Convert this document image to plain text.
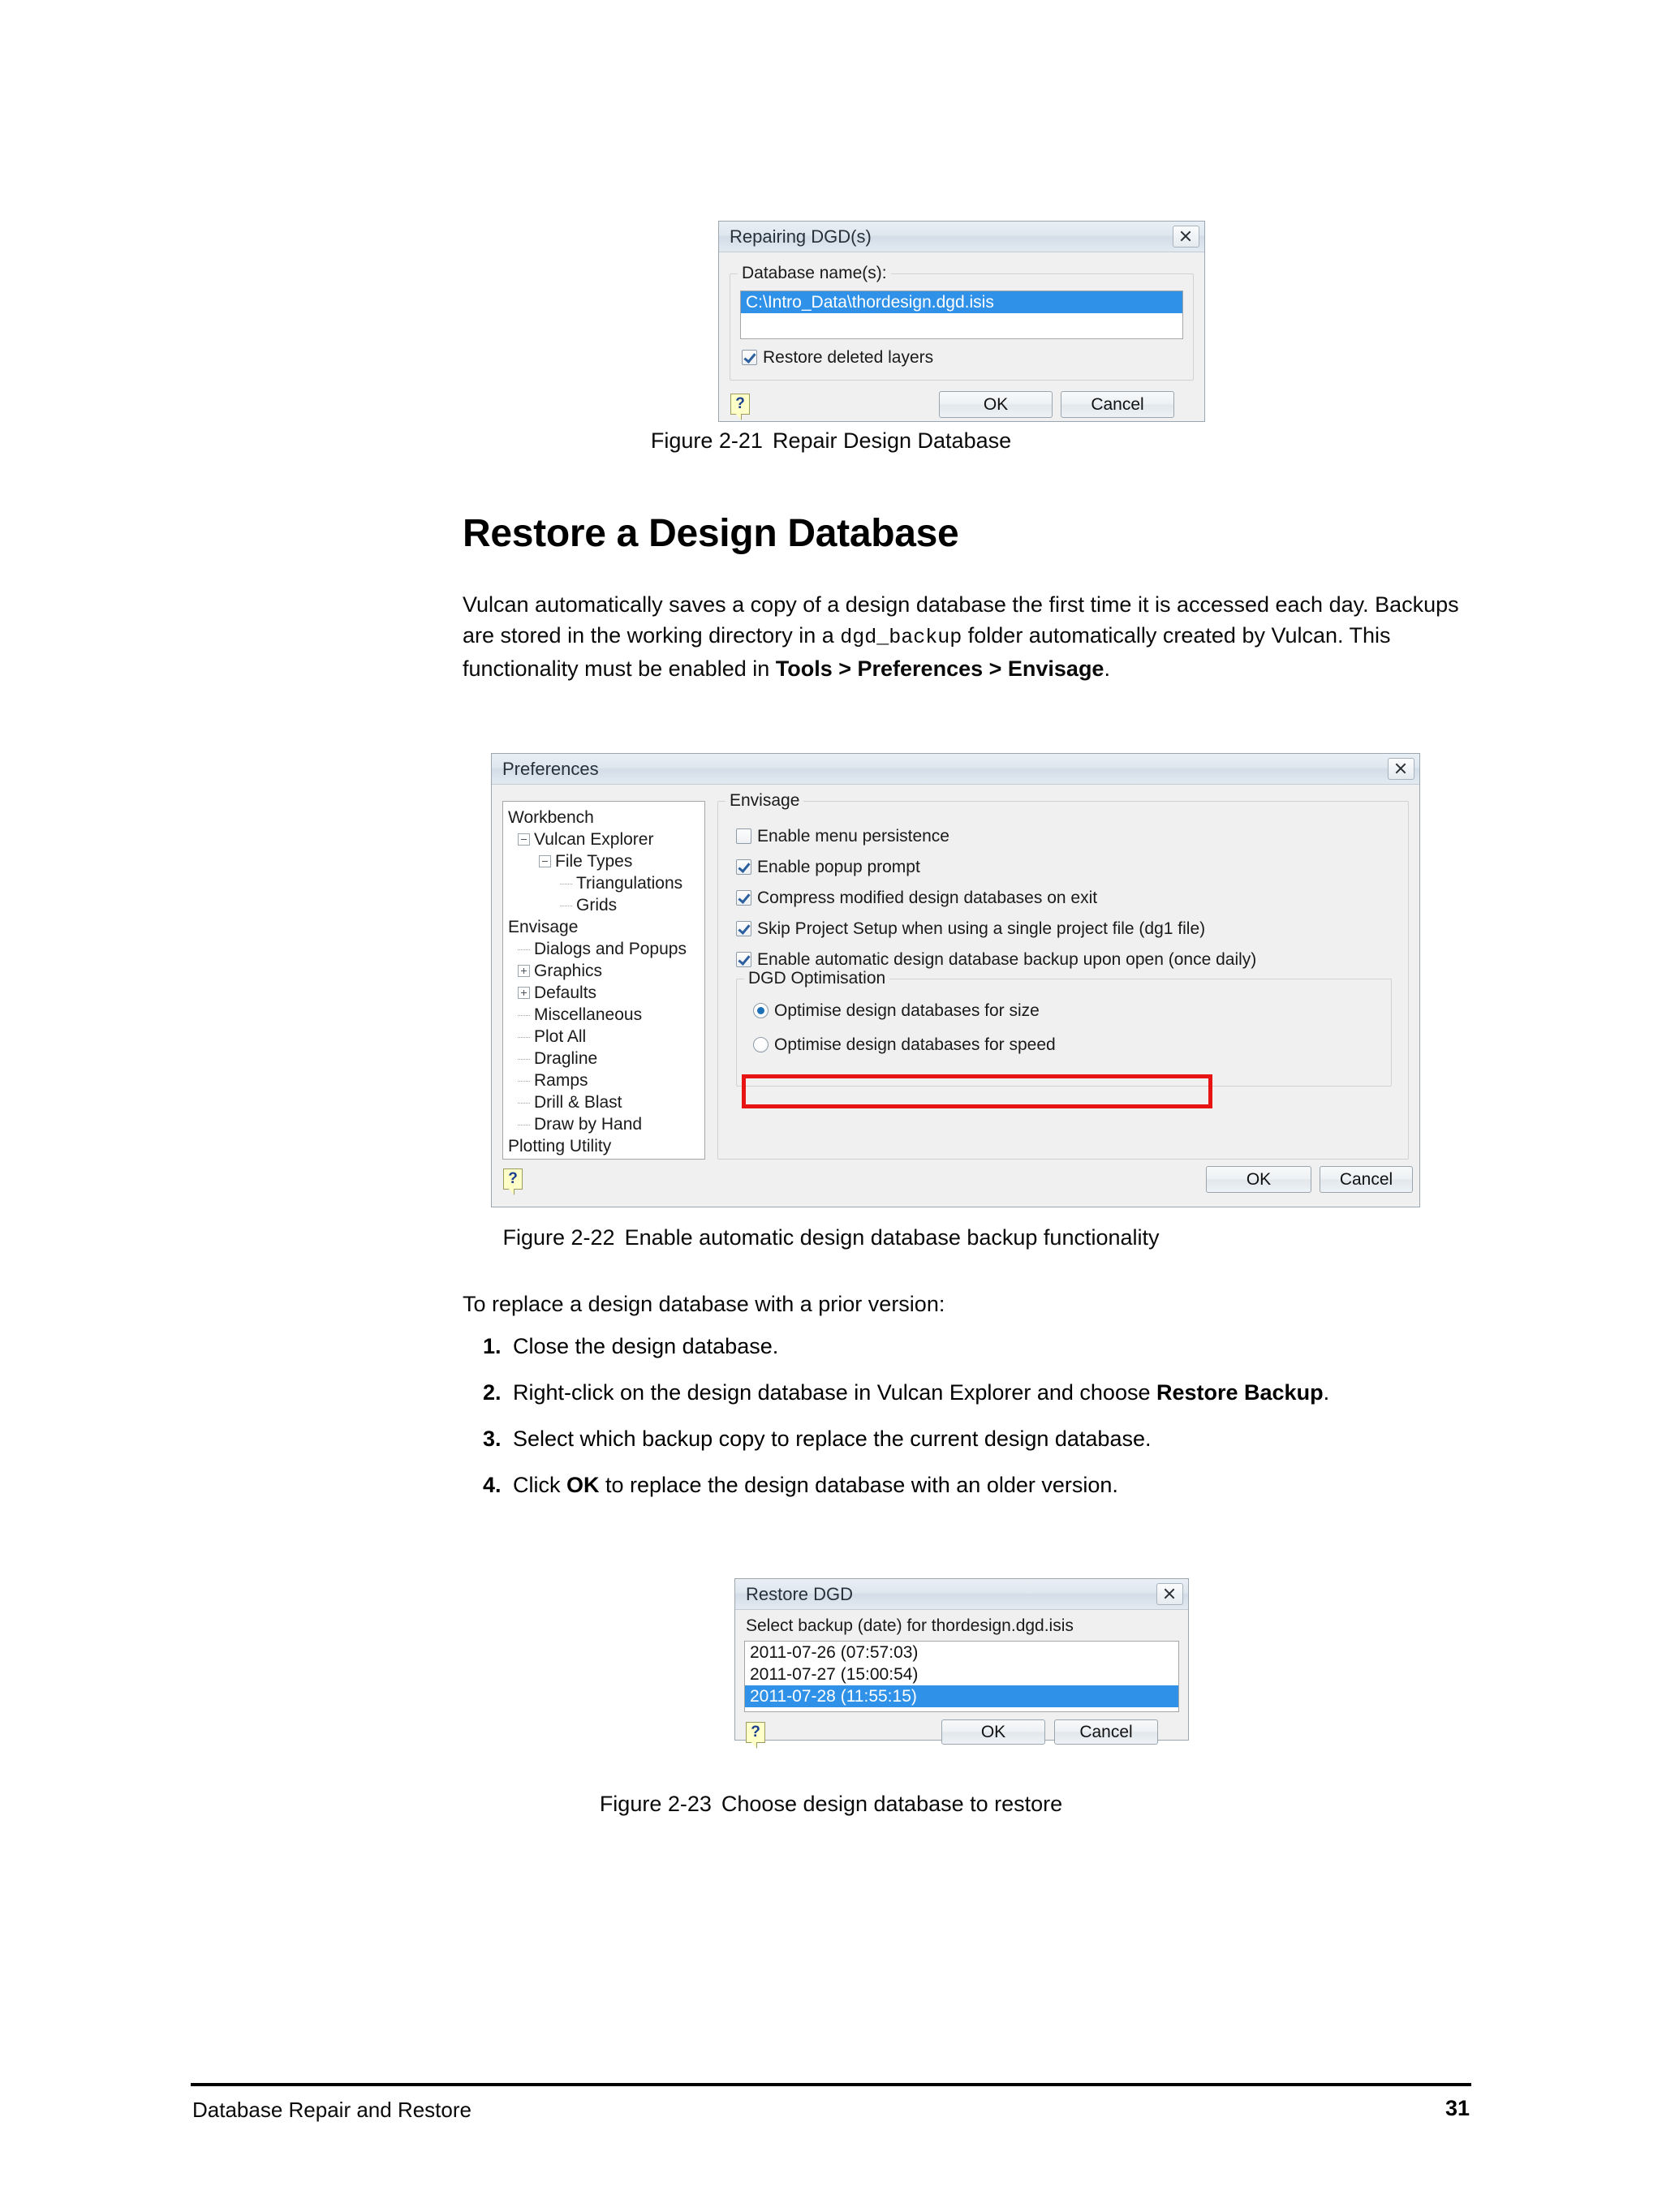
Repairing DGD(s)
Database name(s):
C:\Intro_Data\thordesign.dgd.isis
Restore deleted layers
?	OK	Cancel
Figure 2-21 Repair Design Database
Restore a Design Database
Vulcan automatically saves a copy of a design database the first time it is accessed each day. Backups are stored in the working directory in a dgd_backup folder automatically created by Vulcan. This functionality must be enabled in Tools > Preferences > Envisage.
Preferences
Workbench
Vulcan Explorer
File Types
Triangulations
Grids
Envisage
Dialogs and Popups
Graphics
Defaults
Miscellaneous
Plot All
Dragline
Ramps
Drill & Blast
Draw by Hand
Plotting Utility
Envisage
Enable menu persistence
Enable popup prompt
Compress modified design databases on exit
Skip Project Setup when using a single project file (dg1 file)
Enable automatic design database backup upon open (once daily)
DGD Optimisation
Optimise design databases for size
Optimise design databases for speed
?	OK	Cancel
Figure 2-22 Enable automatic design database backup functionality
To replace a design database with a prior version:
1. Close the design database.
2. Right-click on the design database in Vulcan Explorer and choose Restore Backup.
3. Select which backup copy to replace the current design database.
4. Click OK to replace the design database with an older version.
Restore DGD
Select backup (date) for thordesign.dgd.isis
2011-07-26 (07:57:03)
2011-07-27 (15:00:54)
2011-07-28 (11:55:15)
?	OK	Cancel
Figure 2-23 Choose design database to restore
Database Repair and Restore	31
